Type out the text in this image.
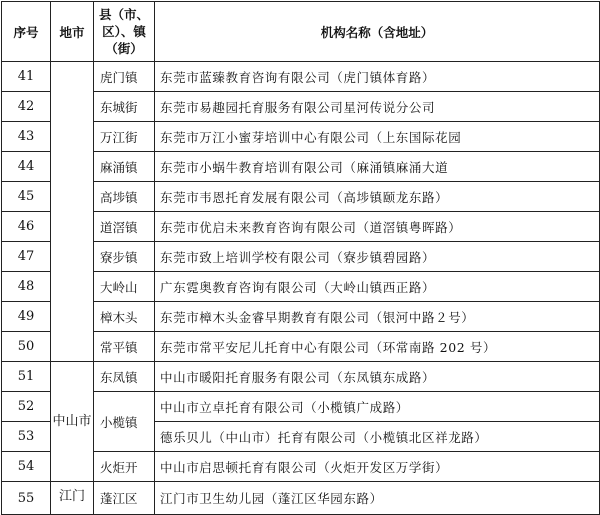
序号	地市	县（市、区）、镇（街）	机构名称（含地址）
41		虎门镇	东莞市蓝臻教育咨询有限公司（虎门镇体育路）
42		东城街	东莞市易趣园托育服务有限公司星河传说分公司
43		万江街	东莞市万江小蜜芽培训中心有限公司（上东国际花园
44		麻涌镇	东莞市小蜗牛教育培训有限公司（麻涌镇麻涌大道
45		高埗镇	东莞市韦恩托育发展有限公司（高埗镇颐龙东路）
46		道滘镇	东莞市优启未来教育咨询有限公司（道滘镇粤晖路）
47		寮步镇	东莞市致上培训学校有限公司（寮步镇碧园路）
48		大岭山	广东霓奥教育咨询有限公司（大岭山镇西正路）
49		樟木头	东莞市樟木头金睿早期教育有限公司（银河中路２号）
50		常平镇	东莞市常平安尼儿托育中心有限公司（环常南路 202 号）
51	中山市	东凤镇	中山市暖阳托育服务有限公司（东凤镇东成路）
52		小榄镇	中山市立卓托育有限公司（小榄镇广成路）
53			德乐贝儿（中山市）托育有限公司（小榄镇北区祥龙路）
54		火炬开	中山市启思顿托育有限公司（火炬开发区万学街）
55	江门	蓬江区	江门市卫生幼儿园（蓬江区华园东路）
